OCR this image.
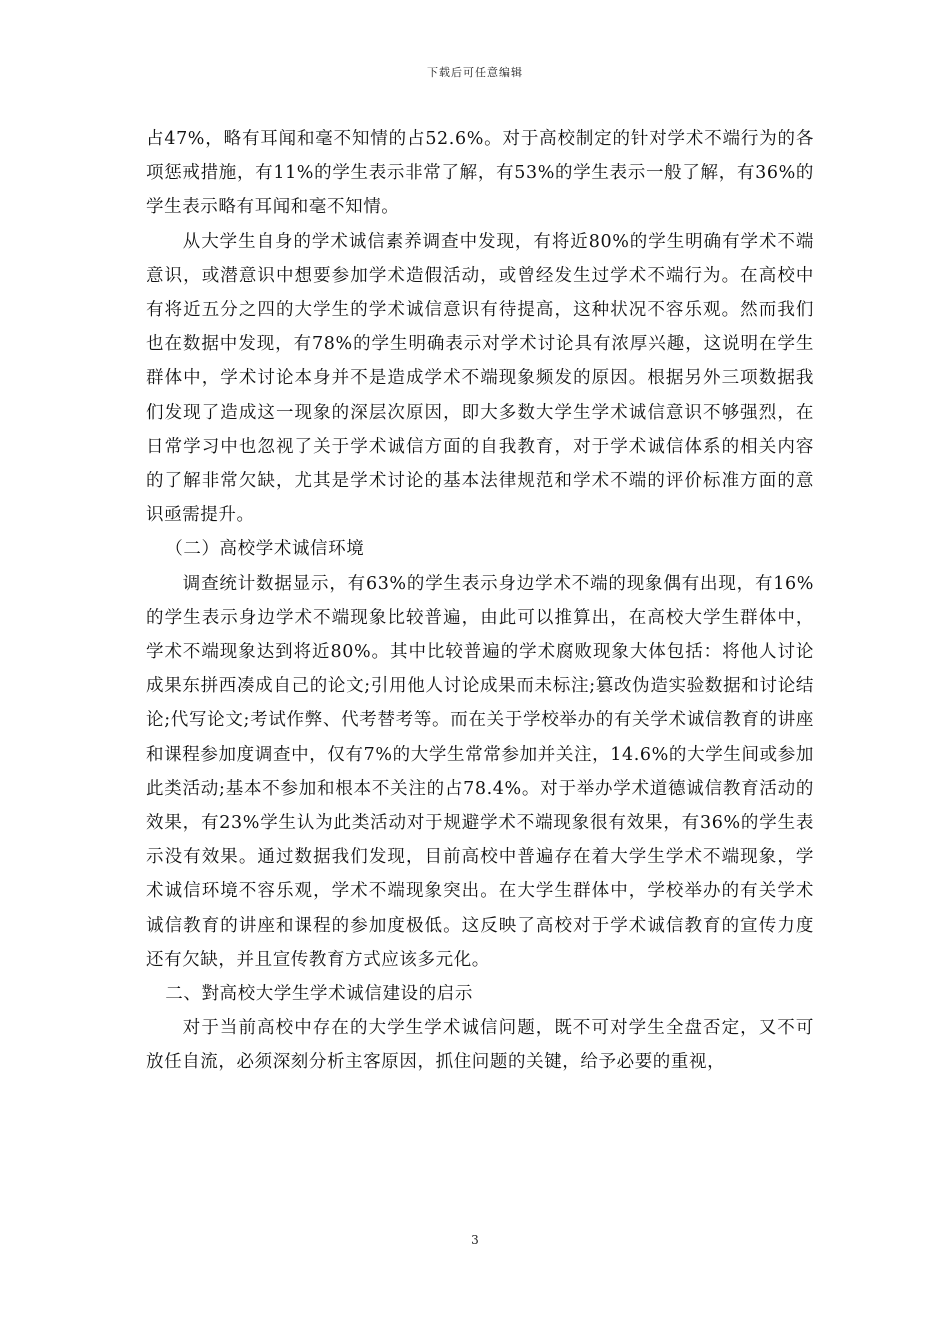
下载后可任意编辑

占47%，略有耳闻和毫不知情的占52.6%。对于高校制定的针对学术不端行为的各项惩戒措施，有11%的学生表示非常了解，有53%的学生表示一般了解，有36%的学生表示略有耳闻和毫不知情。

从大学生自身的学术诚信素养调查中发现，有将近80%的学生明确有学术不端意识，或潜意识中想要参加学术造假活动，或曾经发生过学术不端行为。在高校中有将近五分之四的大学生的学术诚信意识有待提高，这种状况不容乐观。然而我们也在数据中发现，有78%的学生明确表示对学术讨论具有浓厚兴趣，这说明在学生群体中，学术讨论本身并不是造成学术不端现象频发的原因。根据另外三项数据我们发现了造成这一现象的深层次原因，即大多数大学生学术诚信意识不够强烈，在日常学习中也忽视了关于学术诚信方面的自我教育，对于学术诚信体系的相关内容的了解非常欠缺，尤其是学术讨论的基本法律规范和学术不端的评价标准方面的意识亟需提升。

（二）高校学术诚信环境

调查统计数据显示，有63%的学生表示身边学术不端的现象偶有出现，有16%的学生表示身边学术不端现象比较普遍，由此可以推算出，在高校大学生群体中，学术不端现象达到将近80%。其中比较普遍的学术腐败现象大体包括：将他人讨论成果东拼西凑成自己的论文;引用他人讨论成果而未标注;篡改伪造实验数据和讨论结论;代写论文;考试作弊、代考替考等。而在关于学校举办的有关学术诚信教育的讲座和课程参加度调查中，仅有7%的大学生常常参加并关注，14.6%的大学生间或参加此类活动;基本不参加和根本不关注的占78.4%。对于举办学术道德诚信教育活动的效果，有23%学生认为此类活动对于规避学术不端现象很有效果，有36%的学生表示没有效果。通过数据我们发现，目前高校中普遍存在着大学生学术不端现象，学术诚信环境不容乐观，学术不端现象突出。在大学生群体中，学校举办的有关学术诚信教育的讲座和课程的参加度极低。这反映了高校对于学术诚信教育的宣传力度还有欠缺，并且宣传教育方式应该多元化。

二、對高校大学生学术诚信建设的启示

对于当前高校中存在的大学生学术诚信问题，既不可对学生全盘否定，又不可放任自流，必须深刻分析主客原因，抓住问题的关键，给予必要的重视，

3
